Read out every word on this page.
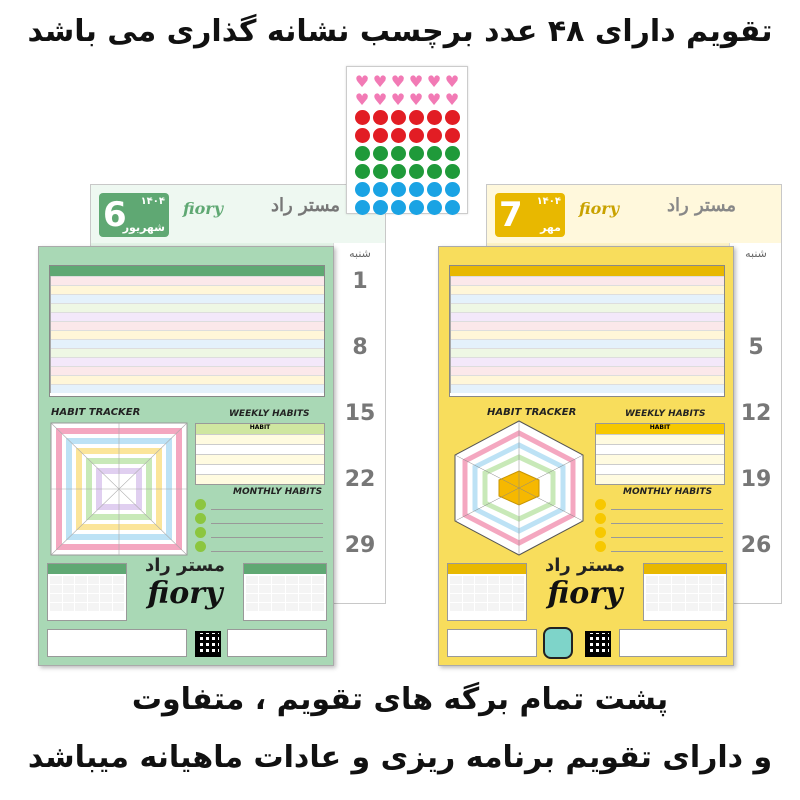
تقویم دارای ۴۸ عدد برچسب نشانه گذاری می باشد
پشت تمام برگه های تقویم ، متفاوت
و دارای تقویم برنامه ریزی و عادات ماهیانه میباشد
6 ۱۴۰۴
شهریور
fiory	مستر راد
شنبه
1
8
15
22
29
HABIT TRACKER	WEEKLY HABITS
HABIT
MONTHLY HABITS
مستر راد
fiory
7 ۱۴۰۴
مهر
fiory	مستر راد
شنبه
5
12
19
26
HABIT TRACKER	WEEKLY HABITS
HABIT
MONTHLY HABITS
مستر راد
fiory
♥ ♥ ♥ ♥ ♥ ♥
♥ ♥ ♥ ♥ ♥ ♥
